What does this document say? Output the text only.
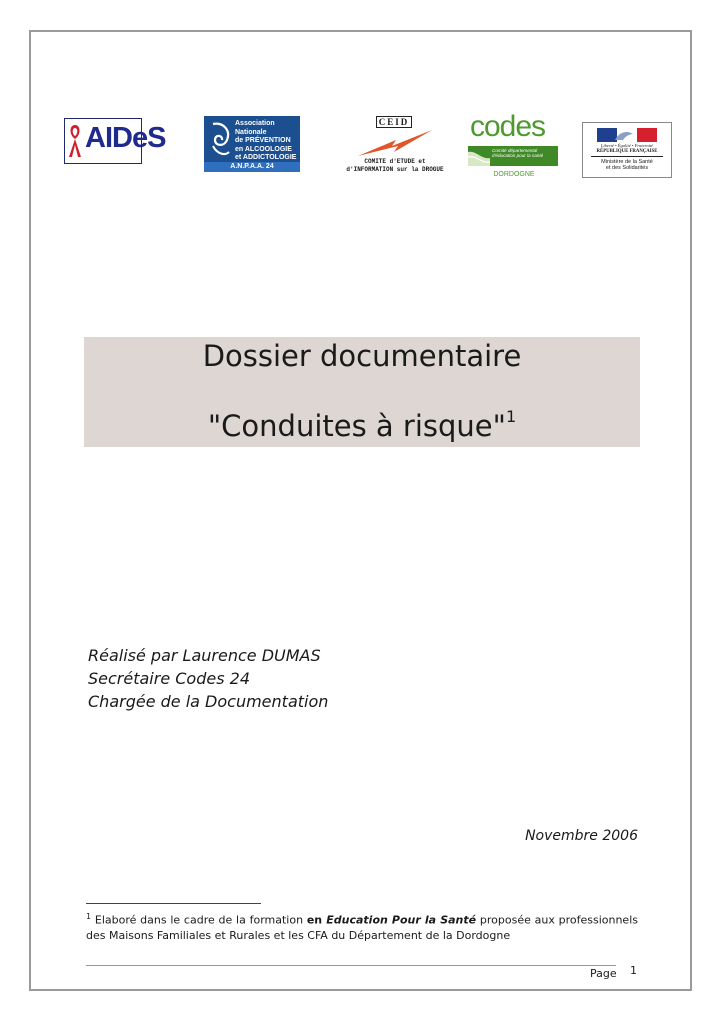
AIDeS	Association Nationale
de PRÉVENTION
en ALCOOLOGIE
et ADDICTOLOGIE
A.N.P.A.A. 24
CEID
COMITE d'ETUDE et
d'INFORMATION sur la DROGUE
codes
Comité départemental d'éducation pour la santé
DORDOGNE
Liberté • Égalité • Fraternité
RÉPUBLIQUE FRANÇAISE
Ministère de la Santé
et des Solidarités
Dossier documentaire
"Conduites à risque"$^1$
Réalisé par Laurence DUMAS
Secrétaire Codes 24
Chargée de la Documentation
Novembre 2006
$^1$ Elaboré dans le cadre de la formation en Education Pour la Santé proposée aux professionnels des Maisons Familiales et Rurales et les CFA du Département de la Dordogne
Page 1
